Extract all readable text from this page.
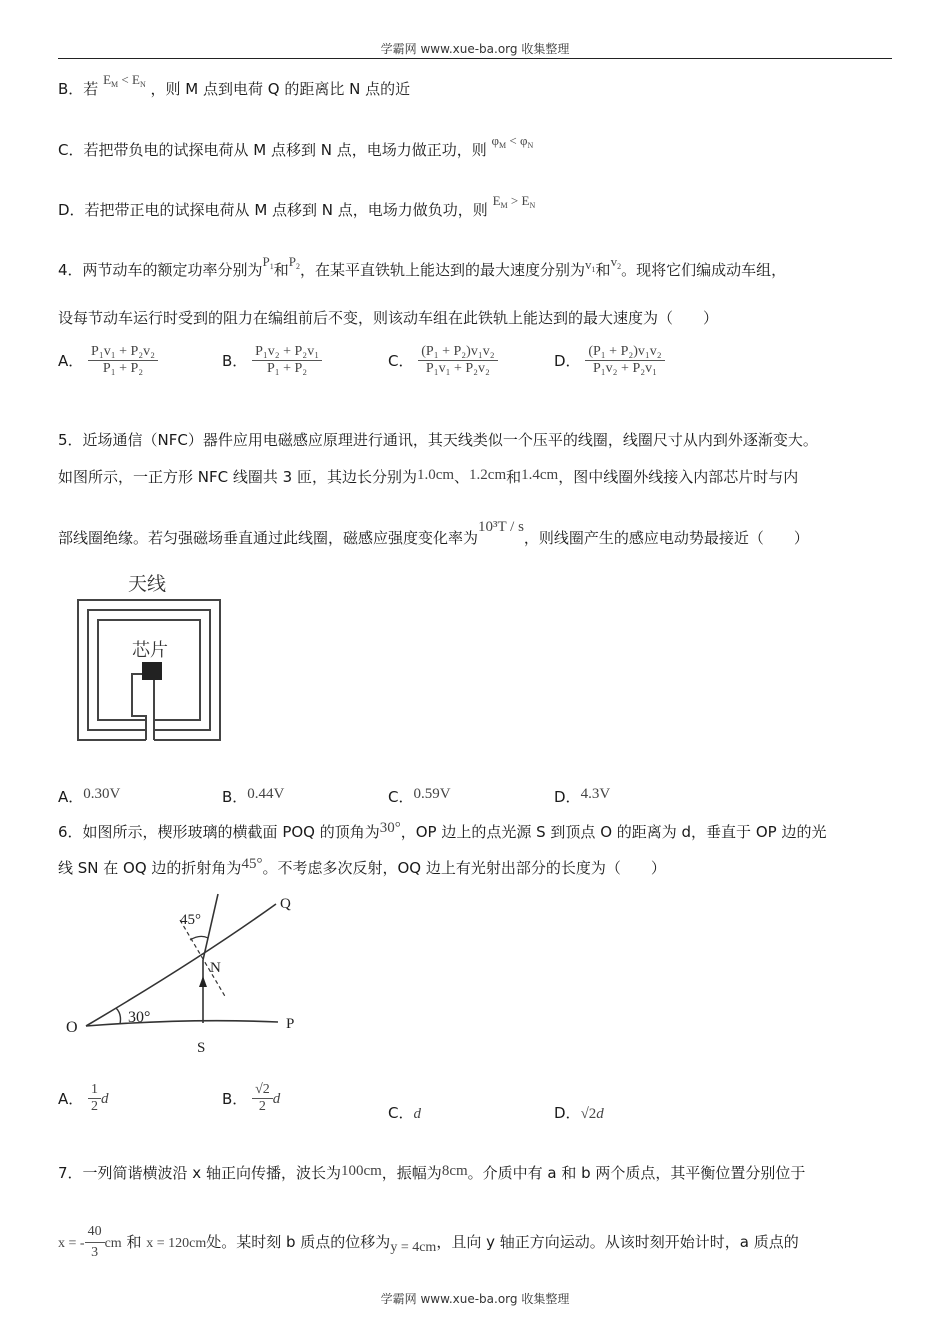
学霸网 www.xue-ba.org 收集整理
B．若 $E_M < E_N$ ，则 M 点到电荷 Q 的距离比 N 点的近
C．若把带负电的试探电荷从 M 点移到 N 点，电场力做正功，则 $\varphi_M < \varphi_N$
D．若把带正电的试探电荷从 M 点移到 N 点，电场力做负功，则 $E_M > E_N$
4．两节动车的额定功率分别为$P_1$和$P_2$，在某平直铁轨上能达到的最大速度分别为$v_1$和$v_2$。现将它们编成动车组，
设每节动车运行时受到的阻力在编组前后不变，则该动车组在此铁轨上能达到的最大速度为（　　）
A． $\frac{\text{P₁v₁ + P₂v₂}}{\text{P₁ + P₂}}$	B． $\frac{\text{P₁v₂ + P₂v₁}}{\text{P₁ + P₂}}$	C． $\frac{\text{(P₁ + P₂)v₁v₂}}{\text{P₁v₁ + P₂v₂}}$	D． $\frac{\text{(P₁ + P₂)v₁v₂}}{\text{P₁v₂ + P₂v₁}}$
5．近场通信（NFC）器件应用电磁感应原理进行通讯，其天线类似一个压平的线圈，线圈尺寸从内到外逐渐变大。
如图所示，一正方形 NFC 线圈共 3 匝，其边长分别为1.0cm、1.2cm和1.4cm，图中线圈外线接入内部芯片时与内
部线圈绝缘。若匀强磁场垂直通过此线圈，磁感应强度变化率为10³T / s，则线圈产生的感应电动势最接近（　　）
天线
芯片
A．0.30V	B．0.44V	C．0.59V	D．4.3V
6．如图所示，楔形玻璃的横截面 POQ 的顶角为30°，OP 边上的点光源 S 到顶点 O 的距离为 d，垂直于 OP 边的光
线 SN 在 OQ 边的折射角为45°。不考虑多次反射，OQ 边上有光射出部分的长度为（　　）
O	P
Q
S
N
30°
45°
A． $\frac{1}{2}$ d	B． $\frac{√2}{2}$ d
C．d	D．√2d
7．一列简谐横波沿 x 轴正向传播，波长为100cm，振幅为8cm。介质中有 a 和 b 两个质点，其平衡位置分别位于
x = - $\frac{40}{3}$ cm 和 x = 120cm处。某时刻 b 质点的位移为y = 4cm，且向 y 轴正方向运动。从该时刻开始计时，a 质点的
学霸网 www.xue-ba.org 收集整理
